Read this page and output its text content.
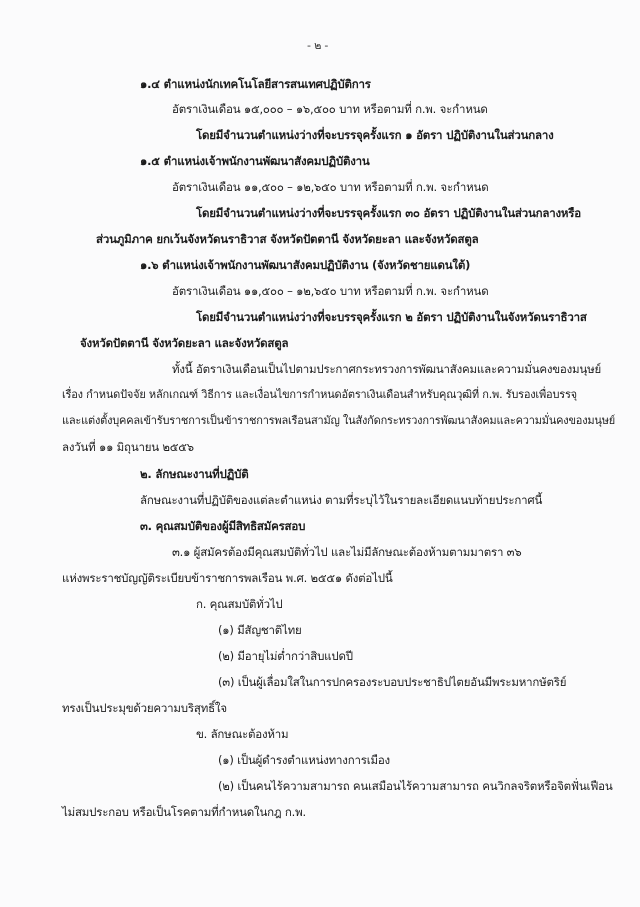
- ๒ -
๑.๔ ตำแหน่งนักเทคโนโลยีสารสนเทศปฏิบัติการ
อัตราเงินเดือน ๑๕,๐๐๐ – ๑๖,๕๐๐ บาท หรือตามที่ ก.พ. จะกำหนด
โดยมีจำนวนตำแหน่งว่างที่จะบรรจุครั้งแรก ๑ อัตรา ปฏิบัติงานในส่วนกลาง
๑.๕ ตำแหน่งเจ้าพนักงานพัฒนาสังคมปฏิบัติงาน
อัตราเงินเดือน ๑๑,๕๐๐ – ๑๒,๖๕๐ บาท หรือตามที่ ก.พ. จะกำหนด
โดยมีจำนวนตำแหน่งว่างที่จะบรรจุครั้งแรก ๓๐ อัตรา ปฏิบัติงานในส่วนกลางหรือ
ส่วนภูมิภาค ยกเว้นจังหวัดนราธิวาส จังหวัดปัตตานี จังหวัดยะลา และจังหวัดสตูล
๑.๖ ตำแหน่งเจ้าพนักงานพัฒนาสังคมปฏิบัติงาน (จังหวัดชายแดนใต้)
อัตราเงินเดือน ๑๑,๕๐๐ – ๑๒,๖๕๐ บาท หรือตามที่ ก.พ. จะกำหนด
โดยมีจำนวนตำแหน่งว่างที่จะบรรจุครั้งแรก ๒ อัตรา ปฏิบัติงานในจังหวัดนราธิวาส
จังหวัดปัตตานี จังหวัดยะลา และจังหวัดสตูล
ทั้งนี้ อัตราเงินเดือนเป็นไปตามประกาศกระทรวงการพัฒนาสังคมและความมั่นคงของมนุษย์
เรื่อง กำหนดปัจจัย หลักเกณฑ์ วิธีการ และเงื่อนไขการกำหนดอัตราเงินเดือนสำหรับคุณวุฒิที่ ก.พ. รับรองเพื่อบรรจุ
และแต่งตั้งบุคคลเข้ารับราชการเป็นข้าราชการพลเรือนสามัญ ในสังกัดกระทรวงการพัฒนาสังคมและความมั่นคงของมนุษย์
ลงวันที่ ๑๑ มิถุนายน ๒๕๕๖
๒. ลักษณะงานที่ปฏิบัติ
ลักษณะงานที่ปฏิบัติของแต่ละตำแหน่ง ตามที่ระบุไว้ในรายละเอียดแนบท้ายประกาศนี้
๓. คุณสมบัติของผู้มีสิทธิสมัครสอบ
๓.๑ ผู้สมัครต้องมีคุณสมบัติทั่วไป และไม่มีลักษณะต้องห้ามตามมาตรา ๓๖
แห่งพระราชบัญญัติระเบียบข้าราชการพลเรือน พ.ศ. ๒๕๕๑ ดังต่อไปนี้
ก. คุณสมบัติทั่วไป
(๑) มีสัญชาติไทย
(๒) มีอายุไม่ต่ำกว่าสิบแปดปี
(๓) เป็นผู้เลื่อมใสในการปกครองระบอบประชาธิปไตยอันมีพระมหากษัตริย์
ทรงเป็นประมุขด้วยความบริสุทธิ์ใจ
ข. ลักษณะต้องห้าม
(๑) เป็นผู้ดำรงตำแหน่งทางการเมือง
(๒) เป็นคนไร้ความสามารถ คนเสมือนไร้ความสามารถ คนวิกลจริตหรือจิตฟั่นเฟือน
ไม่สมประกอบ หรือเป็นโรคตามที่กำหนดในกฎ ก.พ.
